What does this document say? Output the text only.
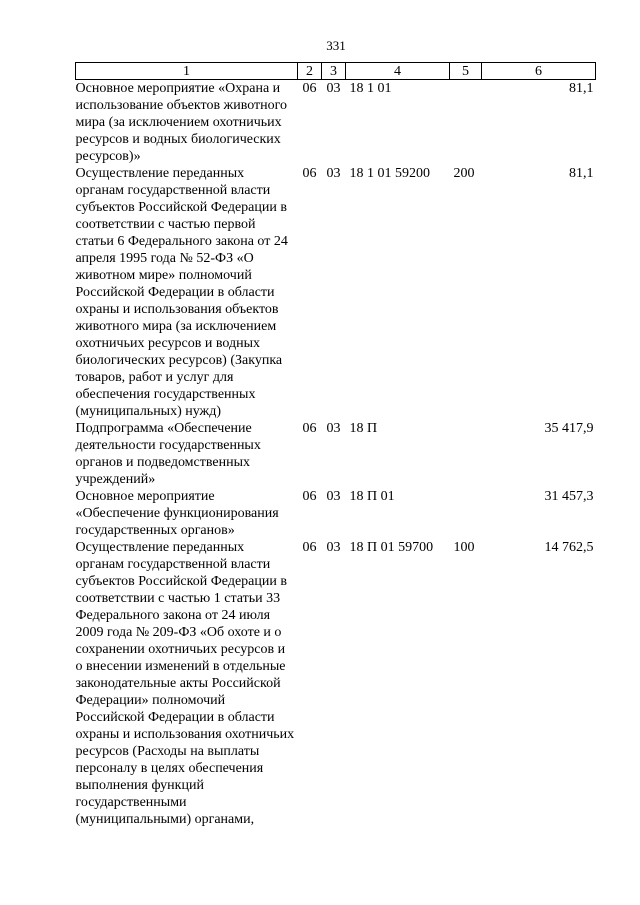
331
1	2	3	4	5	6
Основное мероприятие «Охрана и использование объектов животного мира (за исключением охотничьих ресурсов и водных биологических ресурсов)»	06	03	18 1 01		81,1
Осуществление переданных органам государственной власти субъектов Российской Федерации в соответствии с частью первой статьи 6 Федерального закона от 24 апреля 1995 года № 52-ФЗ «О животном мире» полномочий Российской Федерации в области охраны и использования объектов животного мира (за исключением охотничьих ресурсов и водных биологических ресурсов) (Закупка товаров, работ и услуг для обеспечения государственных (муниципальных) нужд)	06	03	18 1 01 59200	200	81,1
Подпрограмма «Обеспечение деятельности государственных органов и подведомственных учреждений»	06	03	18 П		35 417,9
Основное мероприятие «Обеспечение функционирования государственных органов»	06	03	18 П 01		31 457,3
Осуществление переданных органам государственной власти субъектов Российской Федерации в соответствии с частью 1 статьи 33 Федерального закона от 24 июля 2009 года № 209-ФЗ «Об охоте и о сохранении охотничьих ресурсов и о внесении изменений в отдельные законодательные акты Российской Федерации» полномочий Российской Федерации в области охраны и использования охотничьих ресурсов (Расходы на выплаты персоналу в целях обеспечения выполнения функций государственными (муниципальными) органами,	06	03	18 П 01 59700	100	14 762,5
